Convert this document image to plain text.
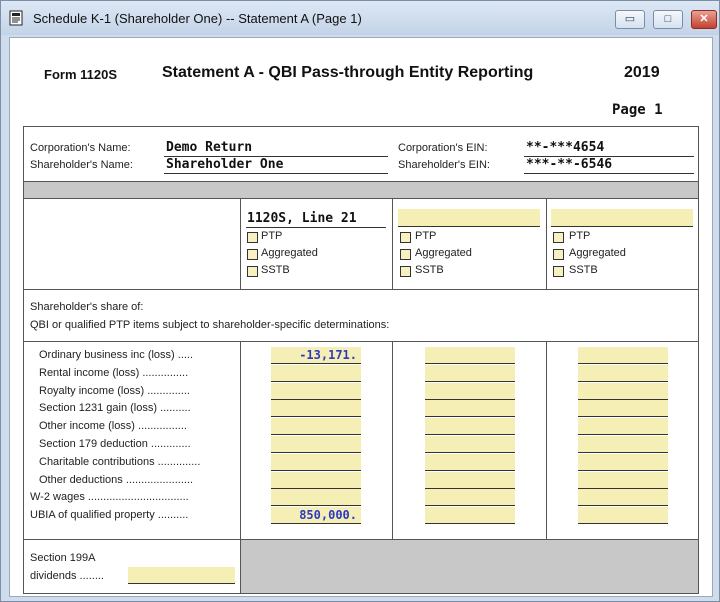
Schedule K-1 (Shareholder One) -- Statement A (Page 1)	▭	□	✕
Form 1120S	Statement A - QBI Pass-through Entity Reporting	2019
Page 1
Corporation's Name:	Demo Return
Shareholder's Name:	Shareholder One
Corporation's EIN:	**-***4654
Shareholder's EIN:	***-**-6546
1120S, Line 21
PTP
Aggregated
SSTB
PTP
Aggregated
SSTB
PTP
Aggregated
SSTB
Shareholder's share of:
QBI or qualified PTP items subject to shareholder-specific determinations:
Ordinary business inc (loss) .....	-13,171.
Rental income (loss) ...............
Royalty income (loss) ..............
Section 1231 gain (loss) ..........
Other income (loss) ................
Section 179 deduction .............
Charitable contributions ..............
Other deductions ......................
W-2 wages .................................
UBIA of qualified property ..........	850,000.
Section 199A
dividends ........
